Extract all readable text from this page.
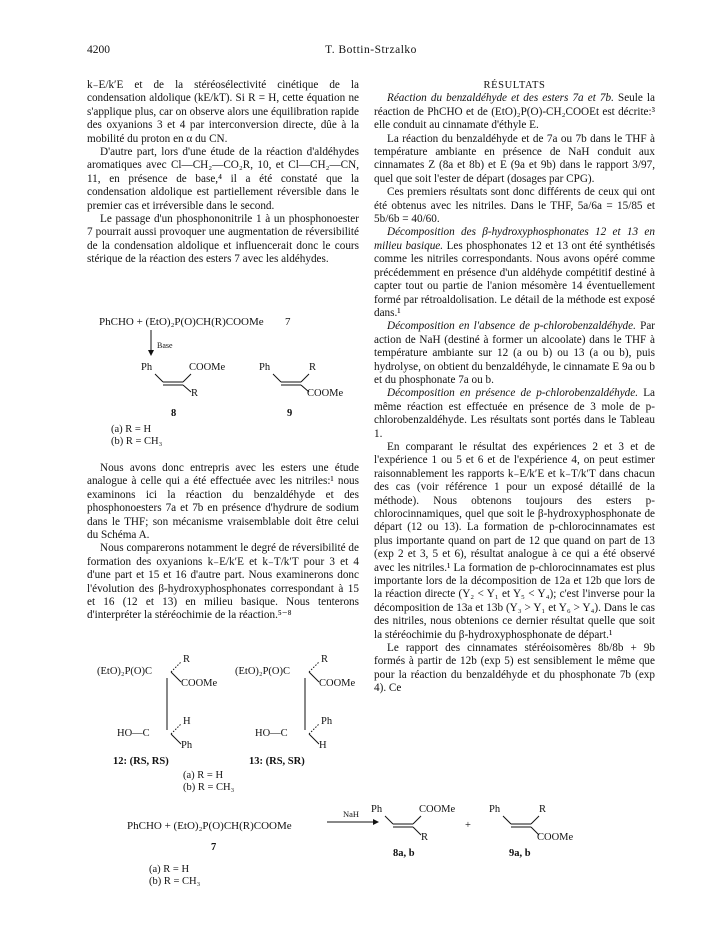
4200	T. Bottin-Strzalko

k₋E/k′E et de la stéréosélectivité cinétique de la condensation aldolique (kE/kT). Si R = H, cette équation ne s'applique plus, car on observe alors une équilibration rapide des oxyanions 3 et 4 par interconversion directe, dûe à la mobilité du proton en α du CN.

D'autre part, lors d'une étude de la réaction d'aldéhydes aromatiques avec Cl—CH₂—CO₂R, 10, et Cl—CH₂—CN, 11, en présence de base,⁴ il a été constaté que la condensation aldolique est partiellement réversible dans le premier cas et irréversible dans le second.

Le passage d'un phosphononitrile 1 à un phosphonoester 7 pourrait aussi provoquer une augmentation de réversibilité de la condensation aldolique et influencerait donc le cours stérique de la réaction des esters 7 avec les aldéhydes.

PhCHO + (EtO)₂P(O)CH(R)COOMe 7
Base
Ph	COOMe
R
Ph	R
COOMe
8	9
(a) R = H
(b) R = CH₃

Nous avons donc entrepris avec les esters une étude analogue à celle qui a été effectuée avec les nitriles:¹ nous examinons ici la réaction du benzaldéhyde et des phosphonoesters 7a et 7b en présence d'hydrure de sodium dans le THF; son mécanisme vraisemblable doit être celui du Schéma A.

Nous comparerons notamment le degré de réversibilité de formation des oxyanions k₋E/k′E et k₋T/k′T pour 3 et 4 d'une part et 15 et 16 d'autre part. Nous examinerons donc l'évolution des β-hydroxyphosphonates correspondant à 15 et 16 (12 et 13) en milieu basique. Nous tenterons d'interpréter la stéréochimie de la réaction.⁵⁻⁸

R
(EtO)₂P(O)C
COOMe
H
HO—C
Ph
R
(EtO)₂P(O)C
COOMe
Ph
HO—C
H
12: (RS, RS)	13: (RS, SR)
(a) R = H
(b) R = CH₃

RÉSULTATS

Réaction du benzaldéhyde et des esters 7a et 7b. Seule la réaction de PhCHO et de (EtO)₂P(O)-CH₂COOEt est décrite:³ elle conduit au cinnamate d'éthyle E.

La réaction du benzaldéhyde et de 7a ou 7b dans le THF à température ambiante en présence de NaH conduit aux cinnamates Z (8a et 8b) et E (9a et 9b) dans le rapport 3/97, quel que soit l'ester de départ (dosages par CPG).

Ces premiers résultats sont donc différents de ceux qui ont été obtenus avec les nitriles. Dans le THF, 5a/6a = 15/85 et 5b/6b = 40/60.

Décomposition des β-hydroxyphosphonates 12 et 13 en milieu basique. Les phosphonates 12 et 13 ont été synthétisés comme les nitriles correspondants. Nous avons opéré comme précédemment en présence d'un aldéhyde compétitif destiné à capter tout ou partie de l'anion mésomère 14 éventuellement formé par rétroaldolisation. Le détail de la méthode est exposé dans.¹

Décomposition en l'absence de p-chlorobenzaldéhyde. Par action de NaH (destiné à former un alcoolate) dans le THF à température ambiante sur 12 (a ou b) ou 13 (a ou b), puis hydrolyse, on obtient du benzaldéhyde, le cinnamate E 9a ou b et du phosphonate 7a ou b.

Décomposition en présence de p-chlorobenzaldéhyde. La même réaction est effectuée en présence de 3 mole de p-chlorobenzaldéhyde. Les résultats sont portés dans le Tableau 1.

En comparant le résultat des expériences 2 et 3 et de l'expérience 1 ou 5 et 6 et de l'expérience 4, on peut estimer raisonnablement les rapports k₋E/k′E et k₋T/k′T dans chacun des cas (voir référence 1 pour un exposé détaillé de la méthode). Nous obtenons toujours des esters p-chlorocinnamiques, quel que soit le β-hydroxyphosphonate de départ (12 ou 13). La formation de p-chlorocinnamates est plus importante quand on part de 12 que quand on part de 13 (exp 2 et 3, 5 et 6), résultat analogue à ce qui a été observé avec les nitriles.¹ La formation de p-chlorocinnamates est plus importante lors de la décomposition de 12a et 12b que lors de la réaction directe (Y₂ < Y₁ et Y₅ < Y₄); c'est l'inverse pour la décomposition de 13a et 13b (Y₃ > Y₁ et Y₆ > Y₄). Dans le cas des nitriles, nous obtenions ce dernier résultat quelle que soit la stéréochimie du β-hydroxyphosphonate de départ.¹

Le rapport des cinnamates stéréoisomères 8b/8b + 9b formés à partir de 12b (exp 5) est sensiblement le même que pour la réaction du benzaldéhyde et du phosphonate 7b (exp 4). Ce

PhCHO + (EtO)₂P(O)CH(R)COOMe
NaH Ph	COOMe
R
+
Ph	R
COOMe
7
8a, b	9a, b
(a) R = H
(b) R = CH₃
